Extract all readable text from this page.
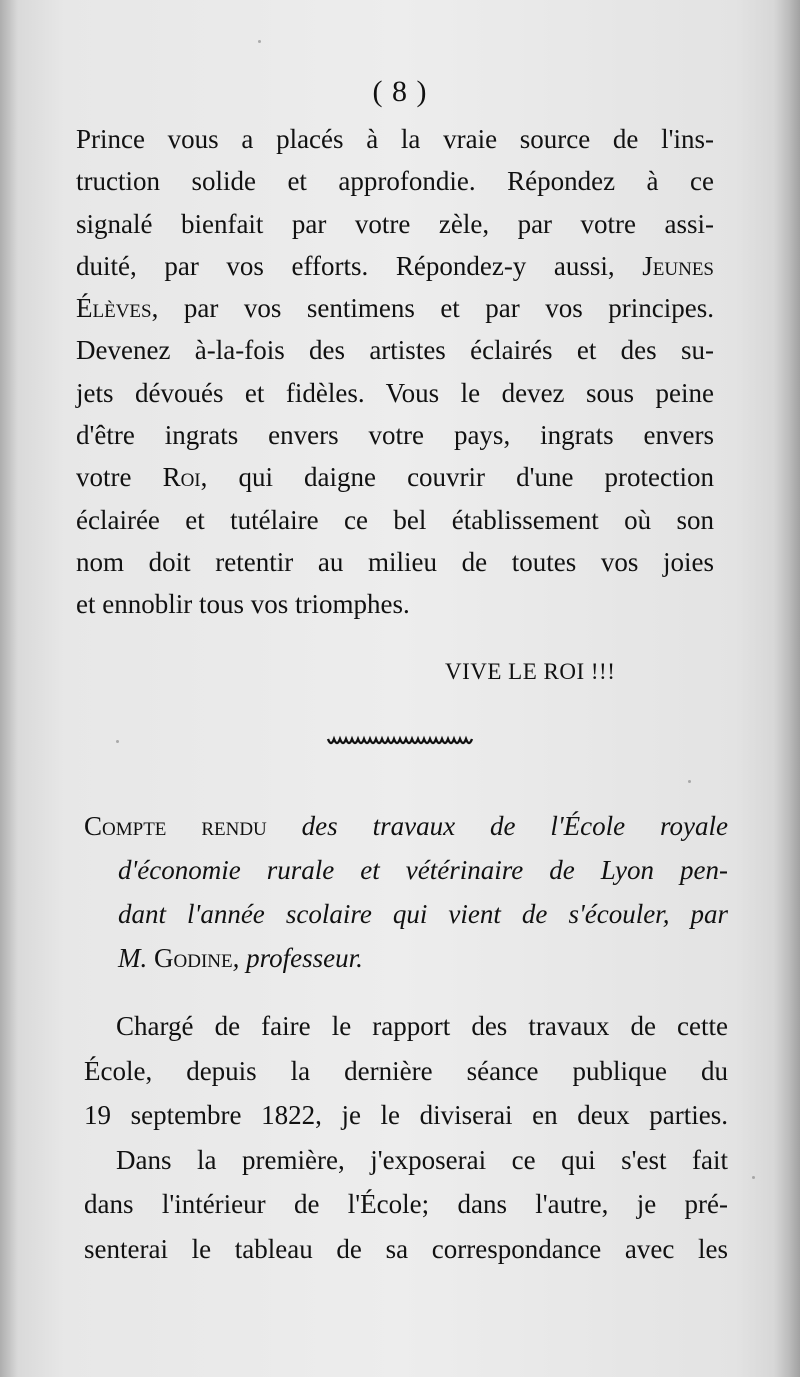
( 8 )
Prince vous a placés à la vraie source de l'ins-
truction solide et approfondie. Répondez à ce
signalé bienfait par votre zèle, par votre assi-
duité, par vos efforts. Répondez-y aussi, Jeunes
Élèves, par vos sentimens et par vos principes.
Devenez à-la-fois des artistes éclairés et des su-
jets dévoués et fidèles. Vous le devez sous peine
d'être ingrats envers votre pays, ingrats envers
votre Roi, qui daigne couvrir d'une protection
éclairée et tutélaire ce bel établissement où son
nom doit retentir au milieu de toutes vos joies
et ennoblir tous vos triomphes.
VIVE LE ROI !!!
Compte rendu des travaux de l'École royale
d'économie rurale et vétérinaire de Lyon pen-
dant l'année scolaire qui vient de s'écouler, par
M. Godine, professeur.
Chargé de faire le rapport des travaux de cette
École, depuis la dernière séance publique du
19 septembre 1822, je le diviserai en deux parties.
Dans la première, j'exposerai ce qui s'est fait
dans l'intérieur de l'École; dans l'autre, je pré-
senterai le tableau de sa correspondance avec les
